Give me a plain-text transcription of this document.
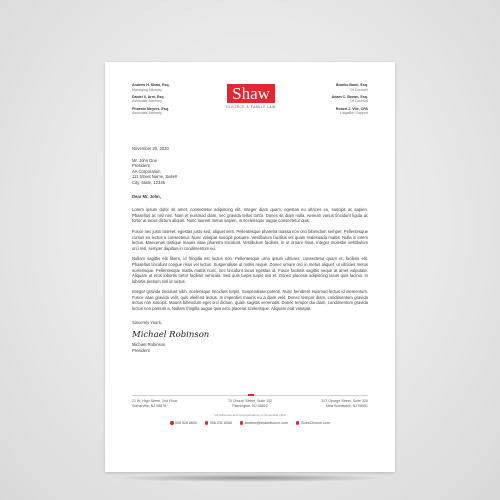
Andrew H. Shaw, Esq.
Managing Attorney
Daniel V. Arm, Esq.
Associate Attorney
Phoenix Meyers, Esq.
Associate Attorney
Shaw
DIVORCE & FAMILY LAW
Branko Basri, Esq.
Of Counsel
Adam C. Brown, Esq.
Of Counsel
Robert J. Vile, CPA
Litigation Support
November 20, 2020
Mr. John Doe
President
AA Corporation
111 Street Name, Suite#
City, State, 12345
Dear Mr. John,
Lorem ipsum dolor sit amet, consectetur adipiscing elit. Integer diam quam, egestas eu ultrices eu, suscipit ac sapien. Phasellus ac nisl nec. Nam et euismod diam, nec gravida tellus tortor. Donec sit diam nulla. Aenean varius tincidunt ligula ac tortor at lacus dictum aliquet. Nunc laoreet metus sapien, in scelerisque augue consectetur quis.
Fusce nec justo laoreet, egestas justo sed, aliquet sem. Pellentesque pharetra massa non orci bibendum semper. Pellentesque cursus eu lectus a consectetur. Nunc volutpat suscipit posuere. Vestibulum facilisis vel quam malesuada mattis. Nulla in lorem lectus. Maecenas tristique mauris vitae pharetra tincidunt. Vestibulum facilisis, in ut ornare risus. Integer molestie vestibulum orci nisl, semper dapibus in condimentum eu.
Nullam sagittis elit libero, id fringilla est luctus non. Pellentesque urna ipsum ultricies, consectetur quam et, facilisis elit. Phasellus tincidunt congue risus vel luctus. Suspendisse ut mollis neque. Donec ornare orci in metus aliquet, ut ultricies metus scelerisque. Pellentesque mattis mattis nunc, nec tincidunt lacus egestas id. Fusce facilisis sagittis neque at amet vulputate. Aliquam ut eros lobortis tortor facilisis vehicula. Sed quis turpis turpis nisl et. Donec placerat adipiscing lacus quis lacinia. In lobortis pretium nisl id luctus.
Integer gravida tincidunt nibh, scelerisque tincidunt turpis. Suspendisse potenti. Nunc hendrerit euismod lectus id elementum. Fusce vitae gravida velit, quis eleifend lectus. In imperdiet mauris eu a diam velit. Donec tempor diam, condimentum gravida lectus non suscipit. Mauris bibendum eget orci dictum, quam sagittis venenatis. Donec tempor dui diam, condimentum gravida lectus non pretium a. Nullam fringilla augue quis arcu placerat scelerisque. Aliquam erat volutpat.
Sincerely Yours,
Michael Robinson
Michael Robinson
President
21 W. High Street, 2nd Floor
Somerville, NJ 08876
70 Church Street, Suite 102
Flemington, NJ 08822
317 George Street, Suite 320
New Brunswick, NJ 08901
*All deliveries and correspondence to Somerville office
908 526 8600	908 231 8988	andrew@shawdivorce.com	ShawDivorce.com
